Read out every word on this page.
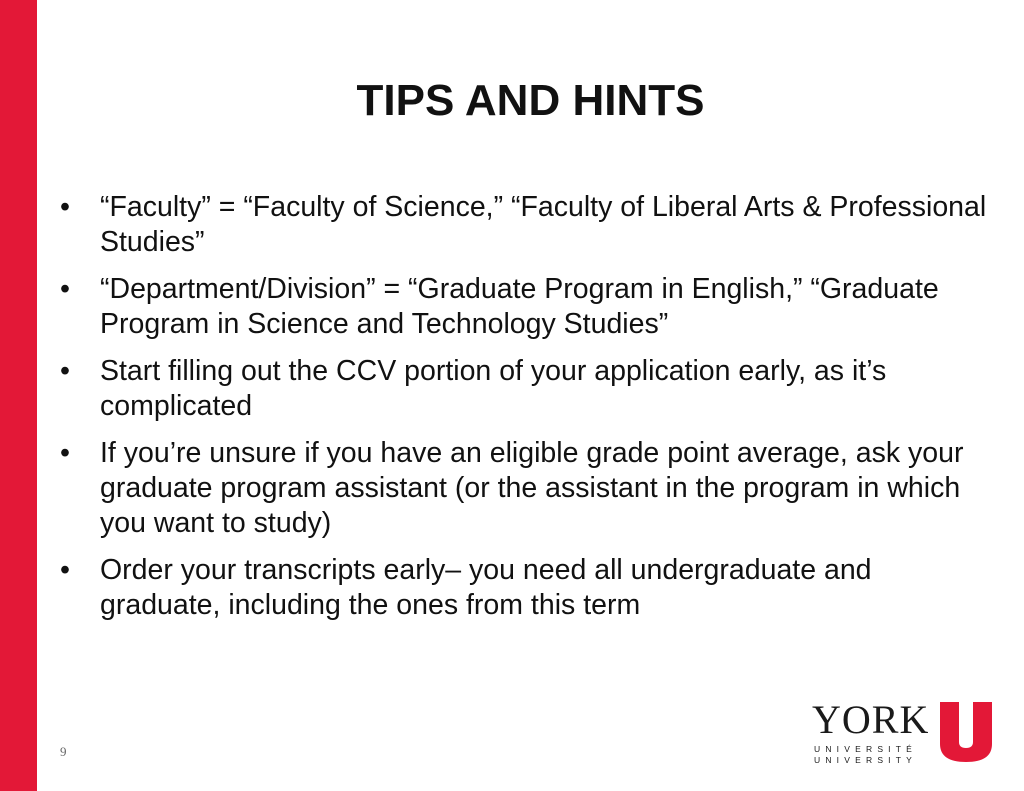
TIPS AND HINTS
•	“Faculty” = “Faculty of Science,” “Faculty of Liberal Arts & Professional Studies”
•	“Department/Division” = “Graduate Program in English,” “Graduate Program in Science and Technology Studies”
•	Start filling out the CCV portion of your application early, as it’s complicated
•	If you’re unsure if you have an eligible grade point average, ask your graduate program assistant (or the assistant in the program in which you want to study)
•	Order your transcripts early– you need all undergraduate and graduate, including the ones from this term
9
YORK
UNIVERSITÉ
UNIVERSITY
